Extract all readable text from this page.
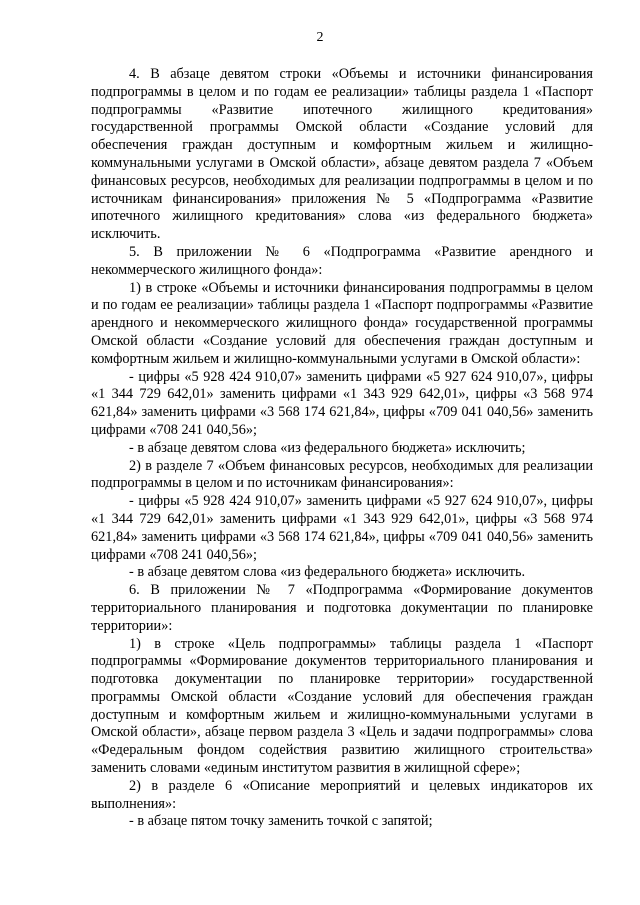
2

4. В абзаце девятом строки «Объемы и источники финансирования подпрограммы в целом и по годам ее реализации» таблицы раздела 1 «Паспорт подпрограммы «Развитие ипотечного жилищного кредитования» государственной программы Омской области «Создание условий для обеспечения граждан доступным и комфортным жильем и жилищно-коммунальными услугами в Омской области», абзаце девятом раздела 7 «Объем финансовых ресурсов, необходимых для реализации подпрограммы в целом и по источникам финансирования» приложения № 5 «Подпрограмма «Развитие ипотечного жилищного кредитования» слова «из федерального бюджета» исключить.

5. В приложении № 6 «Подпрограмма «Развитие арендного и некоммерческого жилищного фонда»:

1) в строке «Объемы и источники финансирования подпрограммы в целом и по годам ее реализации» таблицы раздела 1 «Паспорт подпрограммы «Развитие арендного и некоммерческого жилищного фонда» государственной программы Омской области «Создание условий для обеспечения граждан доступным и комфортным жильем и жилищно-коммунальными услугами в Омской области»:

- цифры «5 928 424 910,07» заменить цифрами «5 927 624 910,07», цифры «1 344 729 642,01» заменить цифрами «1 343 929 642,01», цифры «3 568 974 621,84» заменить цифрами «3 568 174 621,84», цифры «709 041 040,56» заменить цифрами «708 241 040,56»;

- в абзаце девятом слова «из федерального бюджета» исключить;

2) в разделе 7 «Объем финансовых ресурсов, необходимых для реализации подпрограммы в целом и по источникам финансирования»:

- цифры «5 928 424 910,07» заменить цифрами «5 927 624 910,07», цифры «1 344 729 642,01» заменить цифрами «1 343 929 642,01», цифры «3 568 974 621,84» заменить цифрами «3 568 174 621,84», цифры «709 041 040,56» заменить цифрами «708 241 040,56»;

- в абзаце девятом слова «из федерального бюджета» исключить.

6. В приложении № 7 «Подпрограмма «Формирование документов территориального планирования и подготовка документации по планировке территории»:

1) в строке «Цель подпрограммы» таблицы раздела 1 «Паспорт подпрограммы «Формирование документов территориального планирования и подготовка документации по планировке территории» государственной программы Омской области «Создание условий для обеспечения граждан доступным и комфортным жильем и жилищно-коммунальными услугами в Омской области», абзаце первом раздела 3 «Цель и задачи подпрограммы» слова «Федеральным фондом содействия развитию жилищного строительства» заменить словами «единым институтом развития в жилищной сфере»;

2) в разделе 6 «Описание мероприятий и целевых индикаторов их выполнения»:

- в абзаце пятом точку заменить точкой с запятой;
